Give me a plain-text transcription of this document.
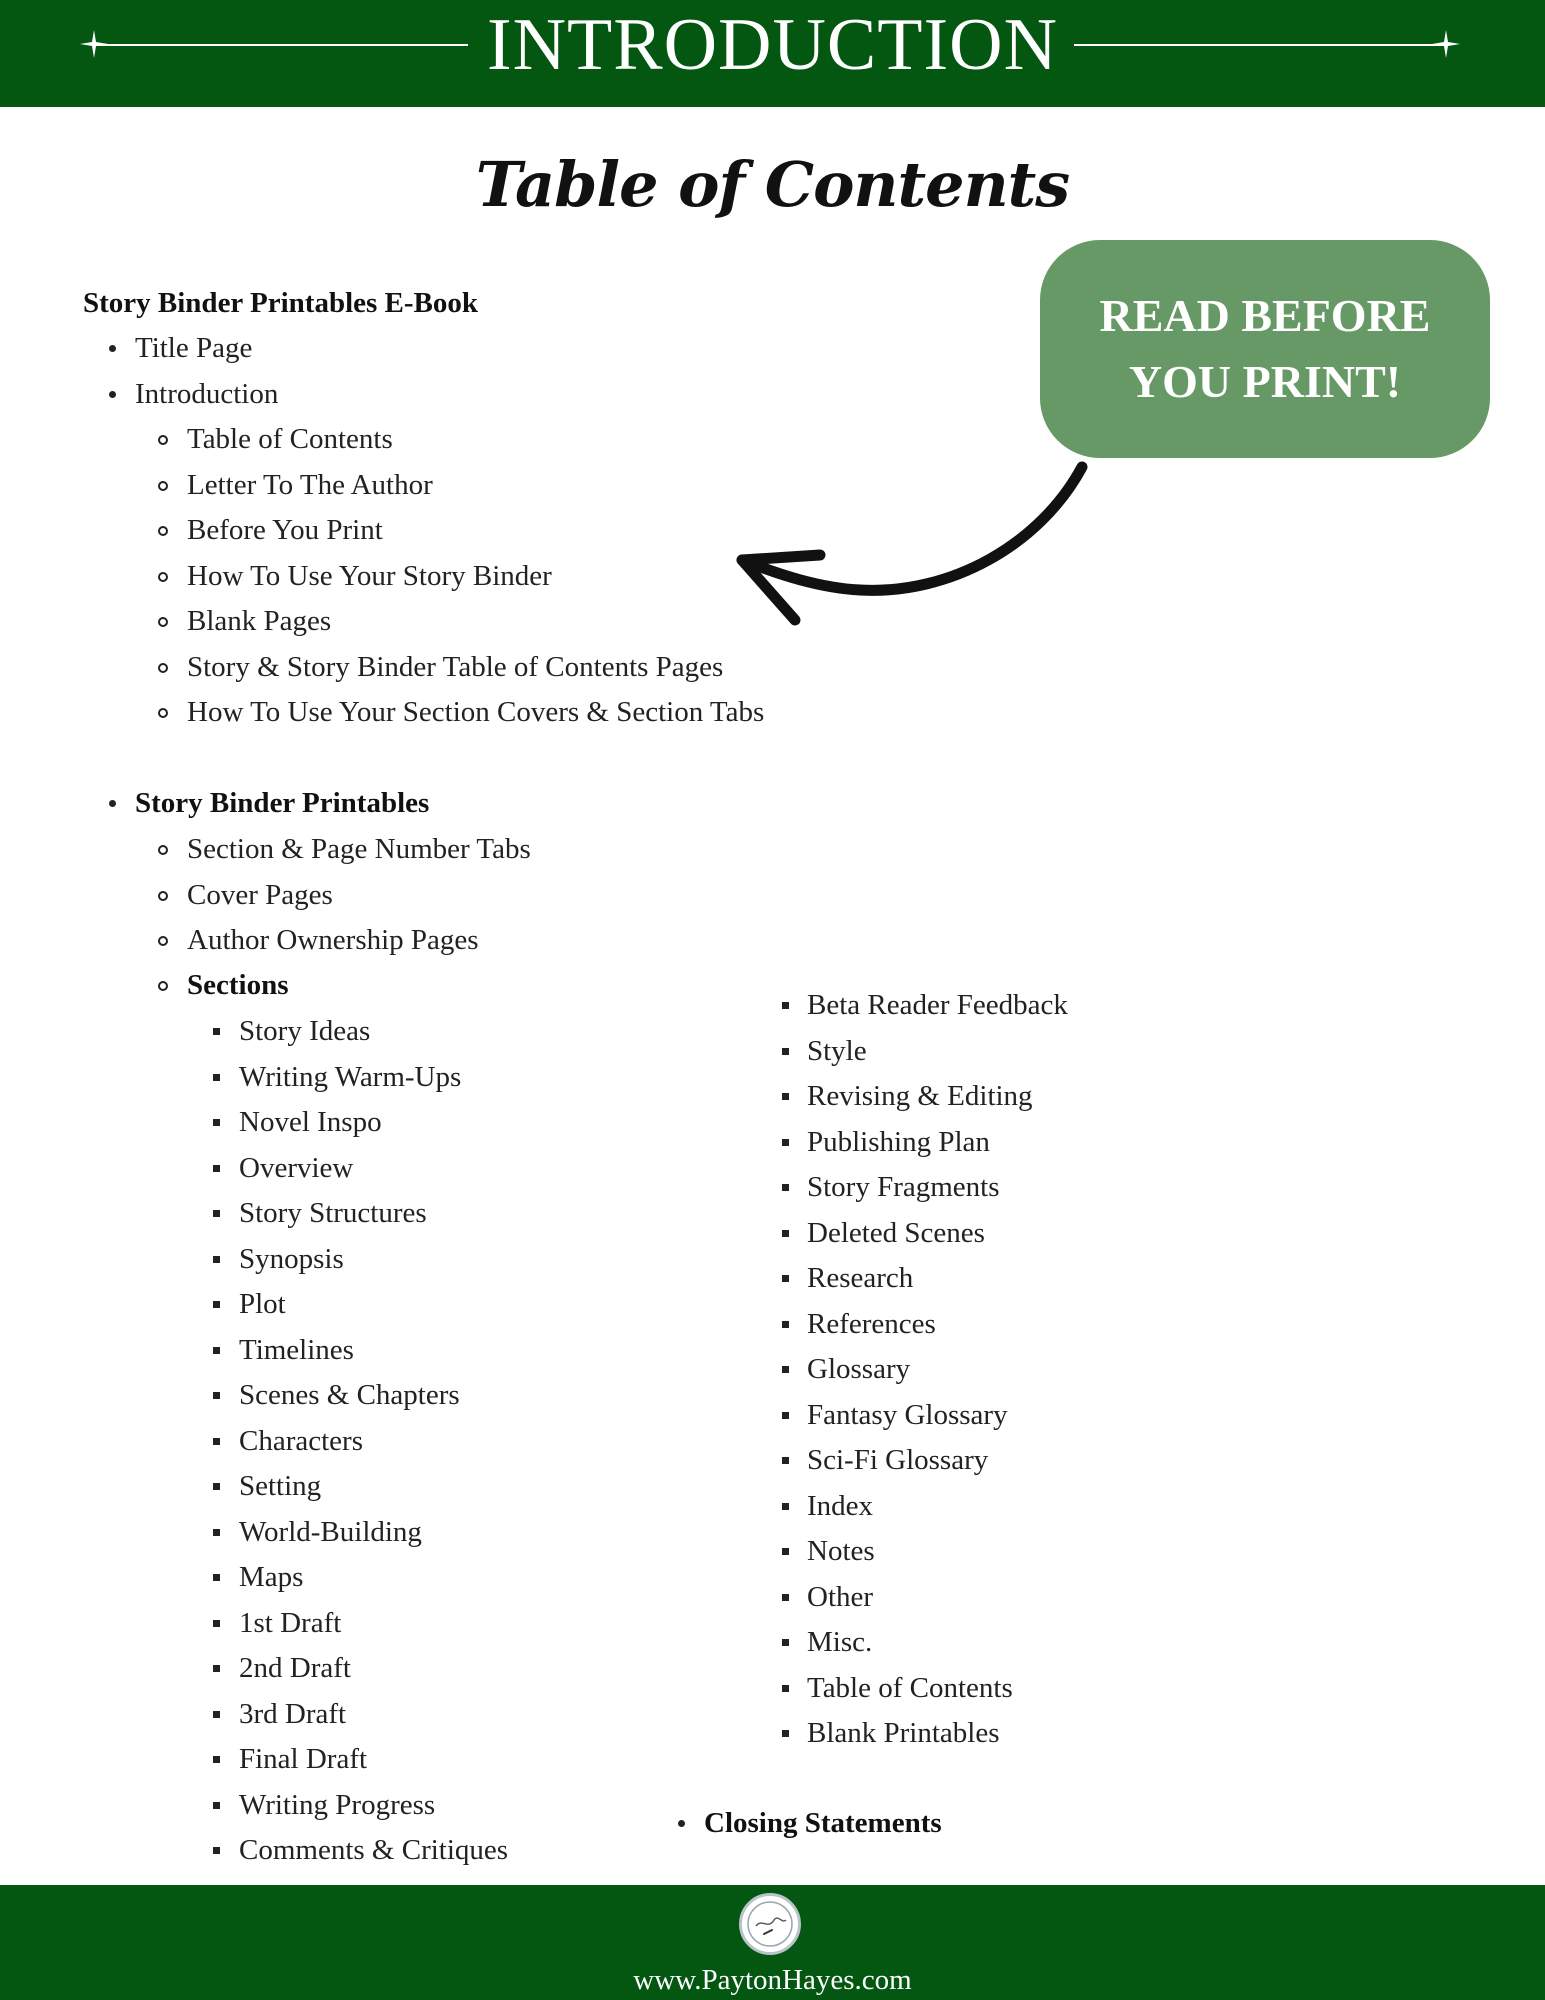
INTRODUCTION
Table of Contents
READ BEFORE YOU PRINT!
Story Binder Printables E-Book
Title Page
Introduction
Table of Contents
Letter To The Author
Before You Print
How To Use Your Story Binder
Blank Pages
Story & Story Binder Table of Contents Pages
How To Use Your Section Covers & Section Tabs
Story Binder Printables
Section & Page Number Tabs
Cover Pages
Author Ownership Pages
Sections
Story Ideas
Writing Warm-Ups
Novel Inspo
Overview
Story Structures
Synopsis
Plot
Timelines
Scenes & Chapters
Characters
Setting
World-Building
Maps
1st Draft
2nd Draft
3rd Draft
Final Draft
Writing Progress
Comments & Critiques
Beta Reader Feedback
Style
Revising & Editing
Publishing Plan
Story Fragments
Deleted Scenes
Research
References
Glossary
Fantasy Glossary
Sci-Fi Glossary
Index
Notes
Other
Misc.
Table of Contents
Blank Printables
Closing Statements
www.PaytonHayes.com
